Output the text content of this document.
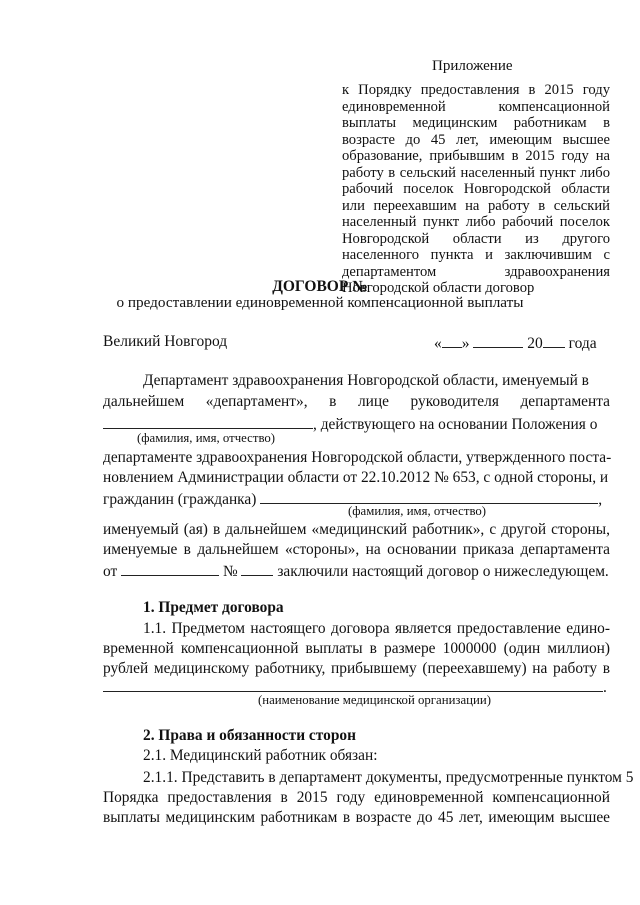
Приложение
к Порядку предоставления в 2015 году единовременной компенсационной выплаты медицинским работникам в возрасте до 45 лет, имеющим высшее образование, прибывшим в 2015 году на работу в сельский населенный пункт либо рабочий поселок Новгородской области или переехавшим на работу в сельский населенный пункт либо рабочий поселок Новгородской области из другого населенного пункта и заключившим с департаментом здравоохранения Новгородской области договор
ДОГОВОР №
о предоставлении единовременной компенсационной выплаты
Великий Новгород	« »	20 года
Департамент здравоохранения Новгородской области, именуемый в
дальнейшем «департамент», в лице руководителя департамента
, действующего на основании Положения о
(фамилия, имя, отчество)
департаменте здравоохранения Новгородской области, утвержденного поста-
новлением Администрации области от 22.10.2012 № 653, с одной стороны, и
гражданин (гражданка)	,
(фамилия, имя, отчество)
именуемый (ая) в дальнейшем «медицинский работник», с другой стороны,
именуемые в дальнейшем «стороны», на основании приказа департамента
от	№	заключили настоящий договор о нижеследующем.
1. Предмет договора
1.1. Предметом настоящего договора является предоставление едино-
временной компенсационной выплаты в размере 1000000 (один миллион)
рублей медицинскому работнику, прибывшему (переехавшему) на работу в
.
(наименование медицинской организации)
2. Права и обязанности сторон
2.1. Медицинский работник обязан:
2.1.1. Представить в департамент документы, предусмотренные пунктом 5
Порядка предоставления в 2015 году единовременной компенсационной
выплаты медицинским работникам в возрасте до 45 лет, имеющим высшее
